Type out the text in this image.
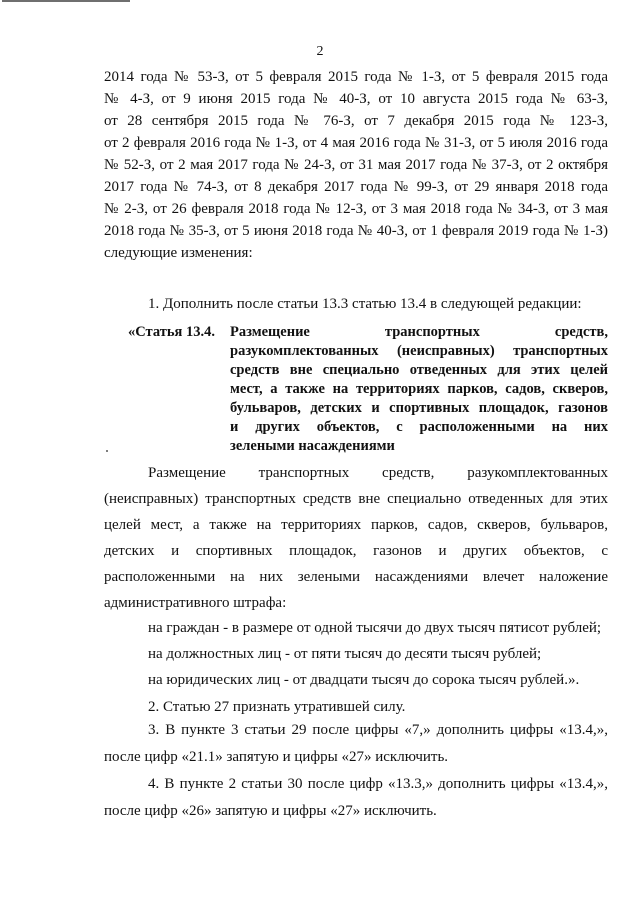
2
2014 года № 53-З, от 5 февраля 2015 года № 1-З, от 5 февраля 2015 года
№ 4-З, от 9 июня 2015 года № 40-З, от 10 августа 2015 года № 63-З,
от 28 сентября 2015 года № 76-З, от 7 декабря 2015 года № 123-З,
от 2 февраля 2016 года № 1-З, от 4 мая 2016 года № 31-З, от 5 июля 2016 года
№ 52-З, от 2 мая 2017 года № 24-З, от 31 мая 2017 года № 37-З, от 2 октября
2017 года № 74-З, от 8 декабря 2017 года № 99-З, от 29 января 2018 года
№ 2-З, от 26 февраля 2018 года № 12-З, от 3 мая 2018 года № 34-З, от 3 мая
2018 года № 35-З, от 5 июня 2018 года № 40-З, от 1 февраля 2019 года № 1-З)
следующие изменения:
1. Дополнить после статьи 13.3 статью 13.4 в следующей редакции:
«Статья 13.4. Размещение транспортных средств,
разукомплектованных (неисправных) транспортных
средств вне специально отведенных для этих целей
мест, а также на территориях парков, садов, скверов,
бульваров, детских и спортивных площадок, газонов
и других объектов, с расположенными на них
зелеными насаждениями
Размещение транспортных средств, разукомплектованных
(неисправных) транспортных средств вне специально отведенных для этих
целей мест, а также на территориях парков, садов, скверов, бульваров,
детских и спортивных площадок, газонов и других объектов, с
расположенными на них зелеными насаждениями влечет наложение
административного штрафа:
на граждан - в размере от одной тысячи до двух тысяч пятисот рублей;
на должностных лиц - от пяти тысяч до десяти тысяч рублей;
на юридических лиц - от двадцати тысяч до сорока тысяч рублей.».
2. Статью 27 признать утратившей силу.
3. В пункте 3 статьи 29 после цифры «7,» дополнить цифры «13.4,»,
после цифр «21.1» запятую и цифры «27» исключить.
4. В пункте 2 статьи 30 после цифр «13.3,» дополнить цифры «13.4,»,
после цифр «26» запятую и цифры «27» исключить.
